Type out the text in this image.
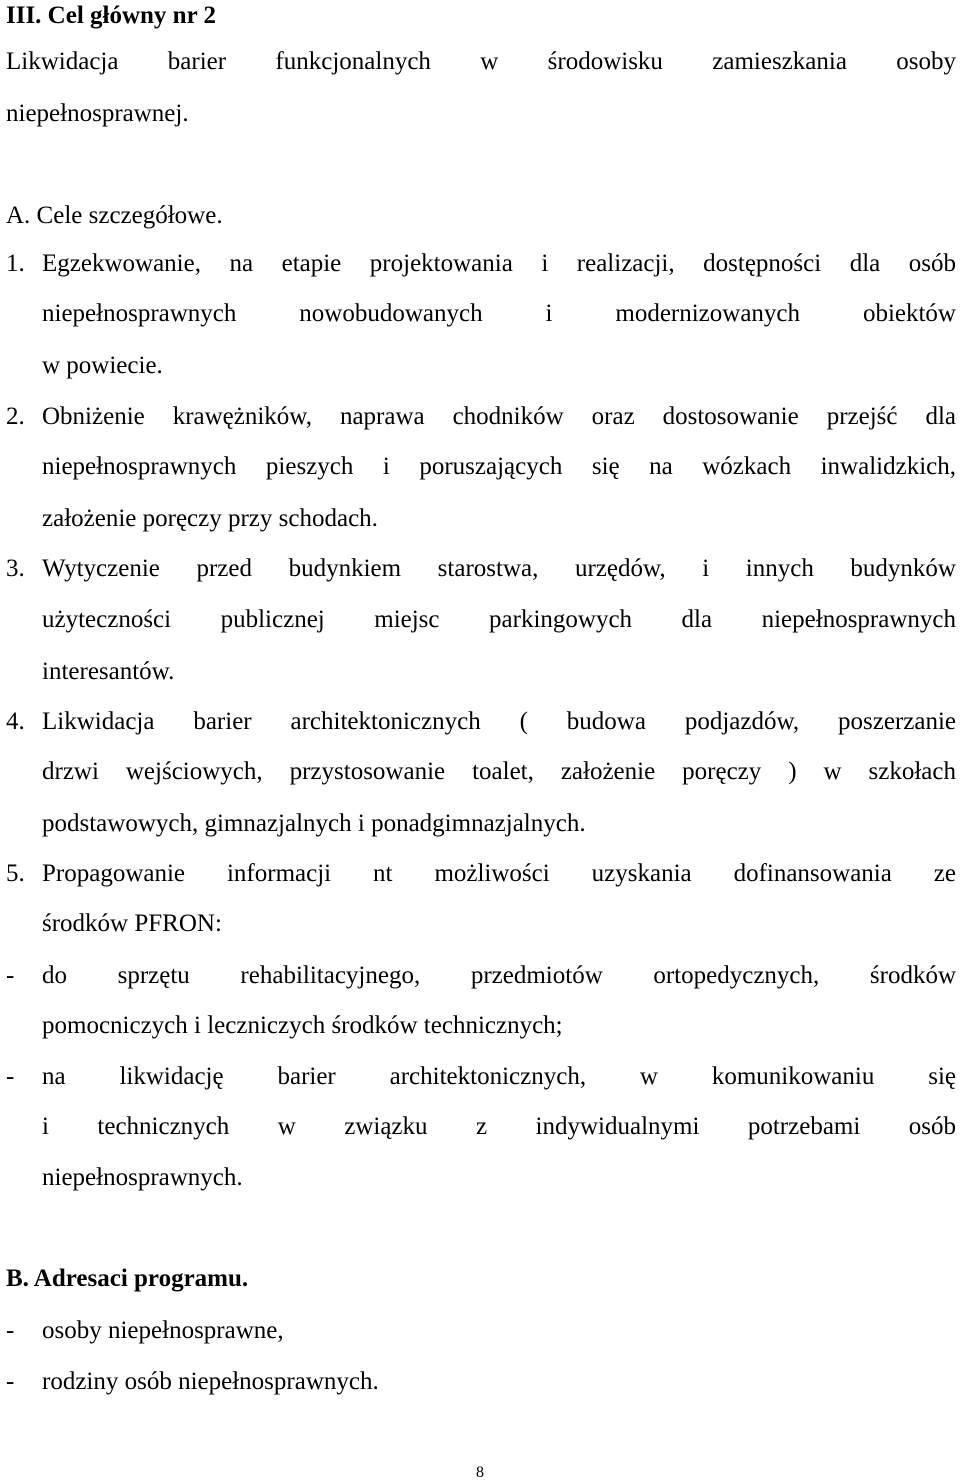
III. Cel główny nr 2
Likwidacja barier funkcjonalnych w środowisku zamieszkania osoby
niepełnosprawnej.
A. Cele szczegółowe.
1. Egzekwowanie, na etapie projektowania i realizacji, dostępności dla osób
niepełnosprawnych nowobudowanych i modernizowanych obiektów
w powiecie.
2. Obniżenie krawężników, naprawa chodników oraz dostosowanie przejść dla
niepełnosprawnych pieszych i poruszających się na wózkach inwalidzkich,
założenie poręczy przy schodach.
3. Wytyczenie przed budynkiem starostwa, urzędów, i innych budynków
użyteczności publicznej miejsc parkingowych dla niepełnosprawnych
interesantów.
4. Likwidacja barier architektonicznych ( budowa podjazdów, poszerzanie
drzwi wejściowych, przystosowanie toalet, założenie poręczy ) w szkołach
podstawowych, gimnazjalnych i ponadgimnazjalnych.
5. Propagowanie informacji nt możliwości uzyskania dofinansowania ze
środków PFRON:
- do sprzętu rehabilitacyjnego, przedmiotów ortopedycznych, środków
pomocniczych i leczniczych środków technicznych;
- na likwidację barier architektonicznych, w komunikowaniu się
i technicznych w związku z indywidualnymi potrzebami osób
niepełnosprawnych.
B. Adresaci programu.
- osoby niepełnosprawne,
- rodziny osób niepełnosprawnych.
8
